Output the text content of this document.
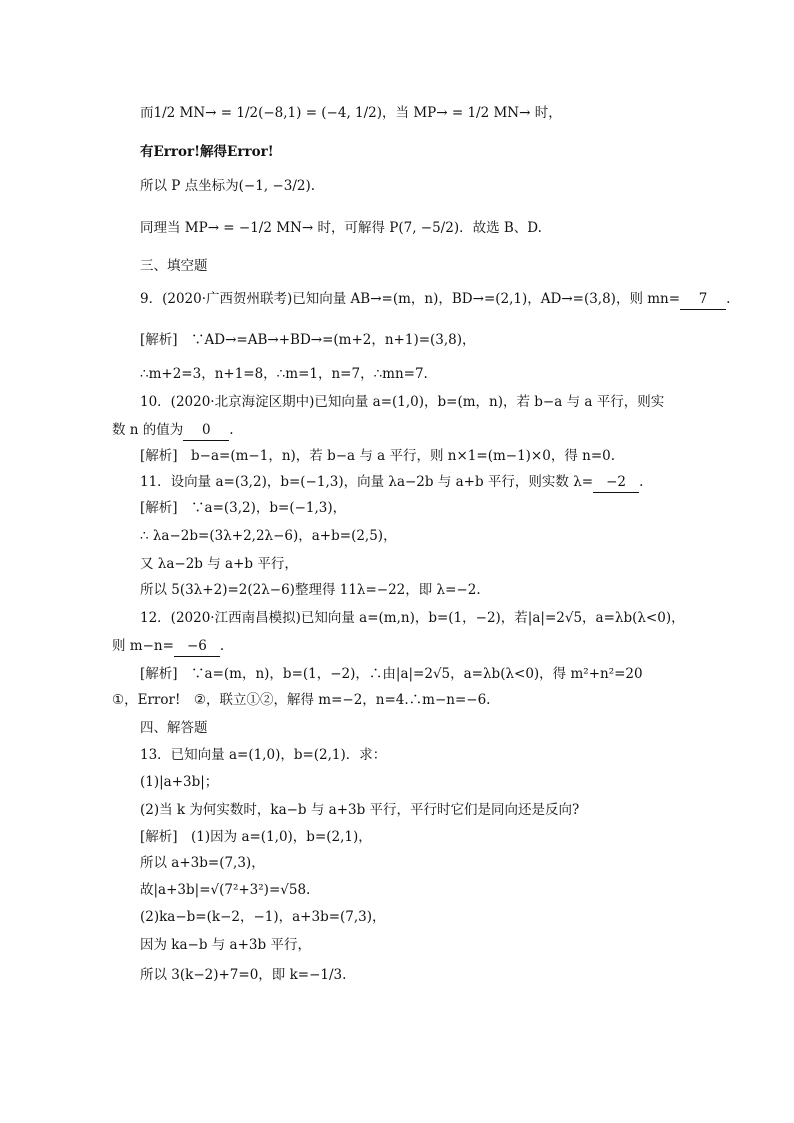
而1/2 MN→ = 1/2(−8,1) = (−4, 1/2)，当 MP→ = 1/2 MN→ 时，
有Error!解得Error!
所以 P 点坐标为(−1, −3/2).
同理当 MP→ = −1/2 MN→ 时，可解得 P(7, −5/2)．故选 B、D.
三、填空题
9．(2020·广西贺州联考)已知向量 AB→=(m，n)，BD→=(2,1)，AD→=(3,8)，则 mn= 7 .
[解析]　∵AD→=AB→+BD→=(m+2，n+1)=(3,8)，
∴m+2=3，n+1=8，∴m=1，n=7，∴mn=7.
10．(2020·北京海淀区期中)已知向量 a=(1,0)，b=(m，n)，若 b−a 与 a 平行，则实
数 n 的值为 0 .
[解析]　b−a=(m−1，n)，若 b−a 与 a 平行，则 n×1=(m−1)×0，得 n=0.
11．设向量 a=(3,2)，b=(−1,3)，向量 λa−2b 与 a+b 平行，则实数 λ= −2 .
[解析]　∵a=(3,2)，b=(−1,3)，
∴ λa−2b=(3λ+2,2λ−6)，a+b=(2,5)，
又 λa−2b 与 a+b 平行，
所以 5(3λ+2)=2(2λ−6)整理得 11λ=−22，即 λ=−2.
12．(2020·江西南昌模拟)已知向量 a=(m,n)，b=(1，−2)，若|a|=2√5，a=λb(λ<0)，
则 m−n= −6 .
[解析]　∵a=(m，n)，b=(1，−2)，∴由|a|=2√5，a=λb(λ<0)，得 m²+n²=20
①，Error!　②，联立①②，解得 m=−2，n=4.∴m−n=−6.
四、解答题
13．已知向量 a=(1,0)，b=(2,1)．求：
(1)|a+3b|；
(2)当 k 为何实数时，ka−b 与 a+3b 平行，平行时它们是同向还是反向?
[解析]　(1)因为 a=(1,0)，b=(2,1)，
所以 a+3b=(7,3)，
故|a+3b|=√(7²+3²)=√58.
(2)ka−b=(k−2，−1)，a+3b=(7,3)，
因为 ka−b 与 a+3b 平行，
所以 3(k−2)+7=0，即 k=−1/3.
